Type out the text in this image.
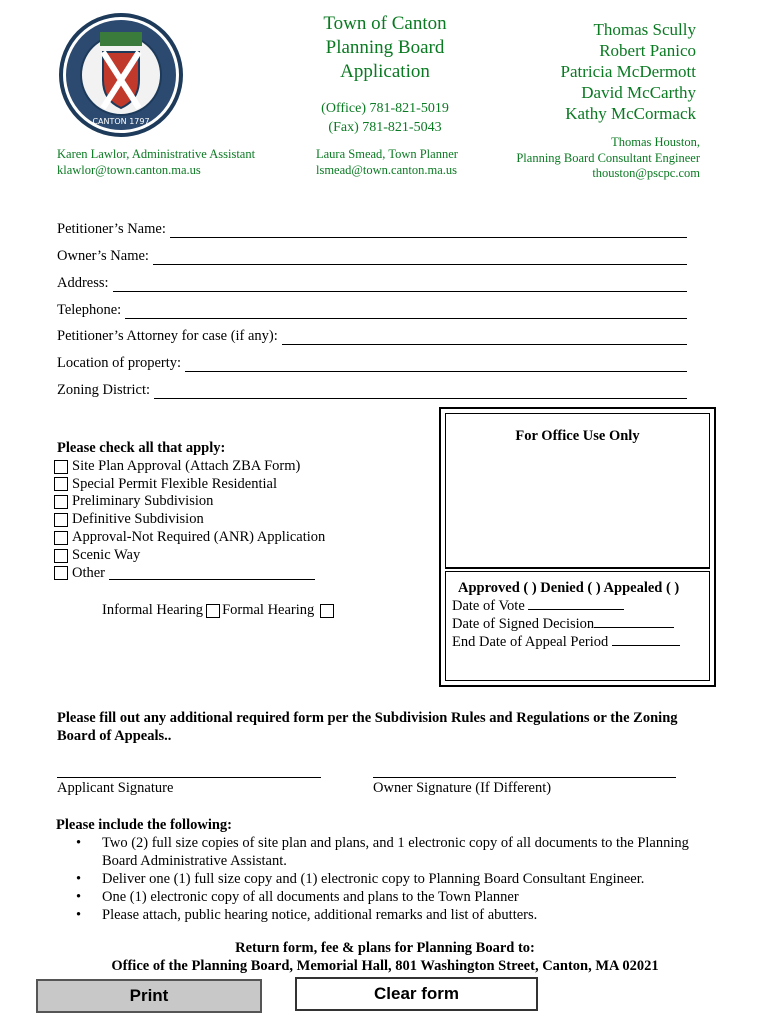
CANTON 1797
Town of Canton
Planning Board
Application
(Office) 781-821-5019
(Fax) 781-821-5043
Thomas Scully
Robert Panico
Patricia McDermott
David McCarthy
Kathy McCormack
Thomas Houston,
Planning Board Consultant Engineer
thouston@pscpc.com
Karen Lawlor, Administrative Assistant
klawlor@town.canton.ma.us
Laura Smead, Town Planner
lsmead@town.canton.ma.us
Petitioner’s Name:
Owner’s Name:
Address:
Telephone:
Petitioner’s Attorney for case (if any):
Location of property:
Zoning District:
Please check all that apply:
Site Plan Approval (Attach ZBA Form)
Special Permit Flexible Residential
Preliminary Subdivision
Definitive Subdivision
Approval-Not Required (ANR) Application
Scenic Way
Other
Informal Hearing Formal Hearing
For Office Use Only
Approved ( ) Denied ( ) Appealed ( )
Date of Vote
Date of Signed Decision
End Date of Appeal Period
Please fill out any additional required form per the Subdivision Rules and Regulations or the Zoning Board of Appeals..
Applicant Signature	Owner Signature (If Different)
Please include the following:
• Two (2) full size copies of site plan and plans, and 1 electronic copy of all documents to the Planning Board Administrative Assistant.
• Deliver one (1) full size copy and (1) electronic copy to Planning Board Consultant Engineer.
• One (1) electronic copy of all documents and plans to the Town Planner
• Please attach, public hearing notice, additional remarks and list of abutters.
Return form, fee & plans for Planning Board to:
Office of the Planning Board, Memorial Hall, 801 Washington Street, Canton, MA 02021
Print	Clear form
